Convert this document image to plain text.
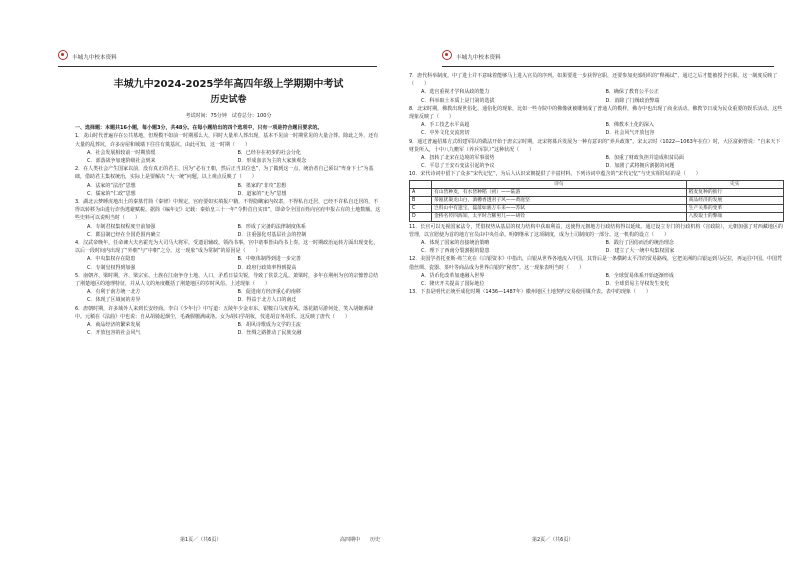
丰城九中校本资料

丰城九中2024-2025学年高四年级上学期期中考试

历史试卷

考试时间：75分钟　试卷总分：100分
一、选择题：本题共16小题，每小题3分，共48分。在每小题给出的四个选项中，只有一项是符合题目要求的。

1．龙山时代普遍存在公共墓地，但规模不如前一时期那么大，同时大量单人葬出现，基本不见前一时期常见的大量合葬。除此之外，还有大量的乱葬坑，许多房屋和城墙下往往有奠基坑。由此可知，这一时期（　　）

A．社会发展相较前一时期放缓	B．已经存在初步的社会分化
C．部落战争加速阶级社会到来	D．形成血亲为主的大家族观念

2．在人类社会产生国家以前，没有真正的君主，因为“必有王朝，然后正当其位也”，为了做到这一点，统治者自己须以“卑身下士”为基础，借助君主集权统治，实际上是要解决 “大一统”问题。以上观点反映了（　　）

A．法家的“法治”思想	B．墨家的“非攻”思想
C．儒家的“仁政”思想	D．道家的“无为”思想

3．湖北云梦睡虎地出土的秦墓竹简《秦律》中规定，官府要如实填报户籍，不得隐瞒家内奴隶，不得私自迁居，已经不许私自迁居的，不得以转移为由进行诈伪逃避赋税。据简《编年记》记载：秦始皇三十一年“令黔首自实田”，即命令全国百姓向官府申报占有的土地数额。这些史料可以说明当时（　　）

A．专制君权集权程度空前加强	B．形成了完备的法律制度体系
C．郡县制已经在全国范围内确立	D．注重强化对基层社会的控制

4．汉武帝晚年，任命谏大夫名霍光为大司马大将军，受遗诏辅政，领尚书事，宫中诸事皆由尚书上奏。这一时期政治运转方面出现变化，以后一段时间内出现了“外朝”与“中朝”之分。这一现象“成为常制”的原因是（　　）

A．中央集权存在隐患	B．中枢体制得到进一步完善
C．专制皇权得到加强	D．政府行政效率得到提高

5．南朝齐、梁时期，齐、梁宗室、士族在江南争夺土地、人口，矛盾日益尖锐，导致了侯景之乱。萧梁时，多年在荆州为官的宗懔曾总结了荆楚地区的地理特征，并从人文的角度概括了荆楚地区的岁时风俗。上述现象（　　）

A．有利于南方统一北方	B．促进南方经济重心的南移
C．体现了区域间的差异	D．得益于北方人口的南迁

6．唐朝时期，许多域外人来到长安经商。李白《少年行》中写道：五陵年少金市东，银鞍白马度春风。落花踏尽游何处，笑入胡姬酒肆中。元稹在《法曲》中也说：自从胡骑起烟尘，毛毳腥膻满咸洛。女为胡妇学胡妆，伎进胡音务胡乐。这反映了唐代（　　）

A．商品经济的繁荣发展	B．胡风诗歌成为文学的主流
C．开放包容的社会风气	D．丝绸之路推动了民族交融
第1页／（共6页）	高四期中　　历史
丰城九中校本资料

7．唐代科举制度，中了进士并不意味着能够马上进入官员的序列。如果要进一步获得官职，还要参加吏部组织的“释褐试”，通过之后才能被授予官职。这一制度反映了（　　）

A．选官重视才学和从政的能力	B．确保了教育公平公正
C．科举取士本质上是门第的选拔	D．消除了门阀政治弊端

8．北宋时期，佛教出现世俗化、通俗化的现象，比如一些寺院中的佛像就被雕刻成了普通人的模样，佛寺中也出现了商业活动，佛教节日成为民众重要的娱乐活动。这些现象反映了（　　）

A．手工技艺水平高超	B．佛教本土化的深入
C．中外文化交流密切	D．社会风气开放包容

9．通过普遍招募方式组建军队的做法开始于唐玄宗时期，北宋将募兵发展为一种有意识的“养兵政策”。宋太宗时（1022—1063年在位）时，大臣富弼曾说：“自来天下财货所入，十中八九赡军（养兵军队）”这种状况（　　）

A．扭转了北宋在边境的军事弱势	B．加重了财政负担并造成积贫局面
C．平息了王安石变法引起的争议	D．加剧了武将拥兵割据的问题

10．宋代诗词中留下了众多“宋代记忆”，为后人认识宋朝提供了丰富材料。下列诗词中蕴含的“宋代记忆”与史实相印证的是（　　）

	诗句	史实
A	有山皆种麦，有水皆种稻（初）——陆游	稻麦复种的推行
B	茶瓯犹凝龙山白，酒樽香透君子风——黄庭坚	商品经济的发展
C	岂料山中有遗宝，磊落如骏万车来——苏轼	生产关系的变革
D	金桥名传四海知，太平时合稀男儿——胡铨	八股取士的弊端

11．长官可以无视国家法令，凭借权势从基层的权力结构中获取利益，这使得元朝地方行政结构得以延续。通过设立专门的行政机构（宣政院），元朝加强了对西藏地区的管理，以宣慰使为首的地方官员由中央任命。明朝继承了这项制度，成为土司制度的一部分。这一机构的设立（　　）

A．体现了国家的直接统治策略	B．践行了因俗而治的统治理念
C．理下了西南分裂割据的隐患	D．建立了大一统中央集权国家

12．美国学者托亚斯·弗兰克在《白银资本》中指出，白银从世界各地流入中国，其背后是一条横跨太平洋的贸易路线，它把美洲的白银运到马尼拉，再运往中国。中国凭借丝绸、瓷器、茶叶等商品成为世界白银的“秘窖”。这一现象表明当时（　　）

A．货币化改革加速融入世界	B．全球贸易体系开始逐渐形成
C．隆庆开关提高了国际地位	D．全球贸易主导权发生变化

13．下表是明代正统至成化时期（1436—1487年）徽州地区土地契约交易使用媒介表。表中的现象（　　）

第2页／（共6页）
